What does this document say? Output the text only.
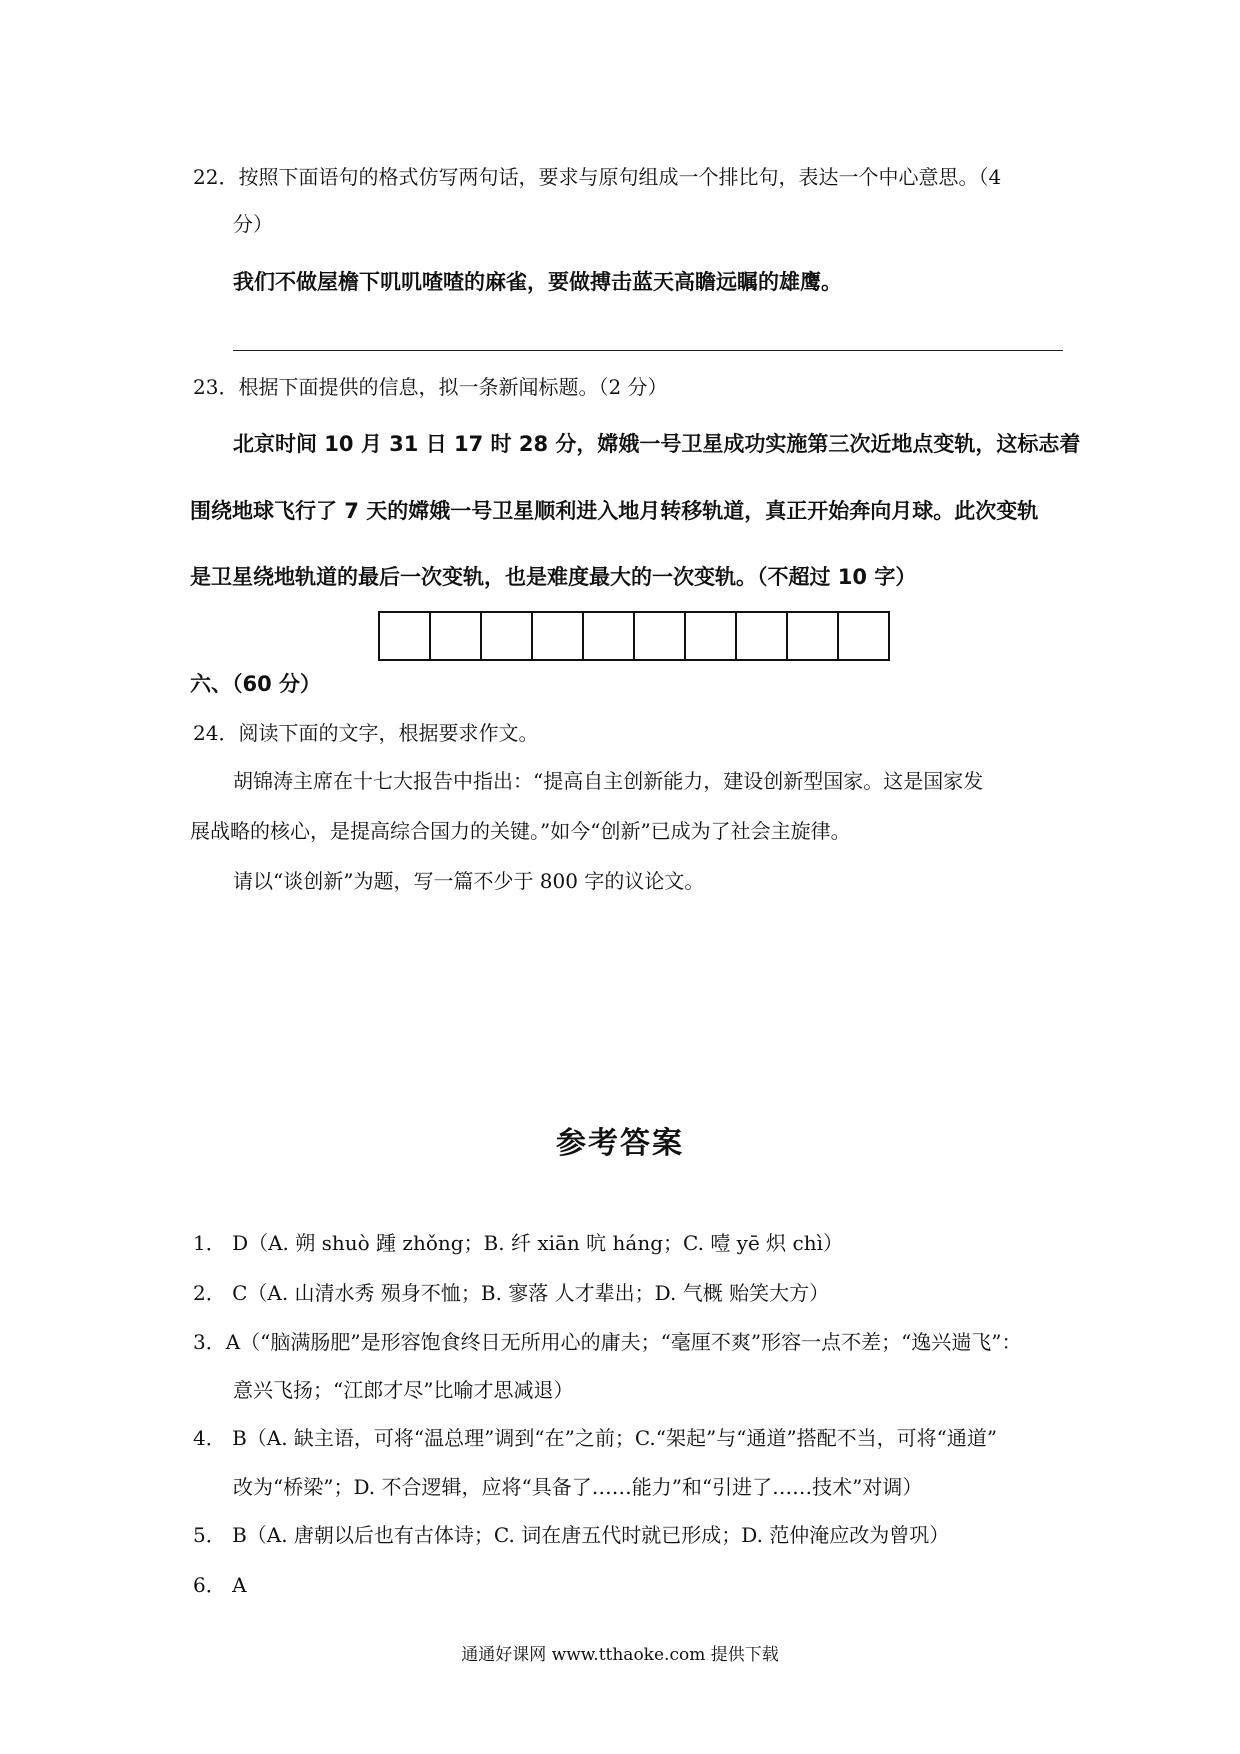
22．按照下面语句的格式仿写两句话，要求与原句组成一个排比句，表达一个中心意思。（4
分）
我们不做屋檐下叽叽喳喳的麻雀，要做搏击蓝天高瞻远瞩的雄鹰。
23．根据下面提供的信息，拟一条新闻标题。（2 分）
北京时间 10 月 31 日 17 时 28 分，嫦娥一号卫星成功实施第三次近地点变轨，这标志着
围绕地球飞行了 7 天的嫦娥一号卫星顺利进入地月转移轨道，真正开始奔向月球。此次变轨
是卫星绕地轨道的最后一次变轨，也是难度最大的一次变轨。（不超过 10 字）
六、（60 分）
24．阅读下面的文字，根据要求作文。
胡锦涛主席在十七大报告中指出：“提高自主创新能力，建设创新型国家。这是国家发
展战略的核心，是提高综合国力的关键。”如今“创新”已成为了社会主旋律。
请以“谈创新”为题，写一篇不少于 800 字的议论文。
参考答案
1． D（A. 朔 shuò 踵 zhǒng；B. 纤 xiān 吭 háng；C. 噎 yē 炽 chì）
2． C（A. 山清水秀 殒身不恤；B. 寥落 人才辈出；D. 气概 贻笑大方）
3．A（“脑满肠肥”是形容饱食终日无所用心的庸夫；“毫厘不爽”形容一点不差；“逸兴遄飞”：
意兴飞扬；“江郎才尽”比喻才思减退）
4． B（A. 缺主语，可将“温总理”调到“在”之前；C.“架起”与“通道”搭配不当，可将“通道”
改为“桥梁”；D. 不合逻辑，应将“具备了……能力”和“引进了……技术”对调）
5． B（A. 唐朝以后也有古体诗；C. 词在唐五代时就已形成；D. 范仲淹应改为曾巩）
6． A
通通好课网 www.tthaoke.com 提供下载
